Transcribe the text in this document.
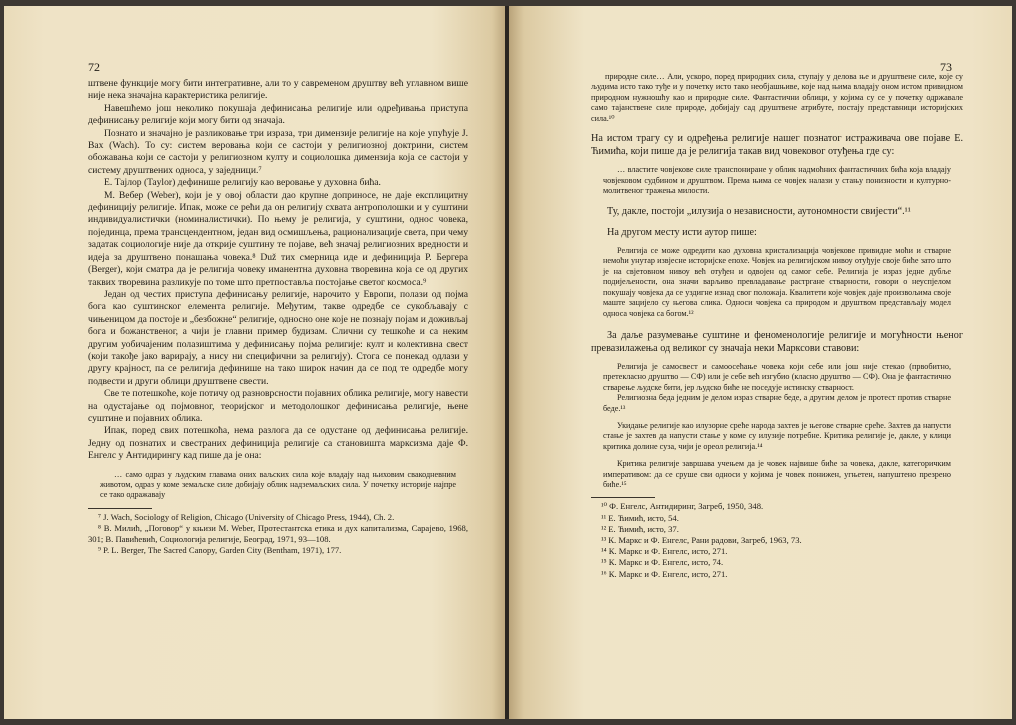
72

штвене функције могу бити интегративне, али то у савременом друштву већ углавном више није нека значајна карактеристика религије.

Навешћемо још неколико покушаја дефинисања религије или одређивања приступа дефинисању религије који могу бити од значаја.

Познато и значајно је разликовање три израза, три димензије религије на које упућује Ј. Вах (Wach). То су: систем веровања који се састоји у религиозној доктрини, систем обожавања који се састоји у религиозном култу и социолошка димензија која се састоји у систему друштвених односа, у заједници.⁷

Е. Тајлор (Taylor) дефинише религију као веровање у духовна бића.

М. Вебер (Weber), који је у овој области дао крупне доприносе, не даје експлицитну дефиницију религије. Ипак, може се рећи да он религију схвата антрополошки и у суштини индивидуалистички (номиналистички). По њему је религија, у суштини, однос човека, појединца, према трансцендентном, један вид осмишљења, рационализације света, при чему задатак социологије није да открије суштину те појаве, већ значај религиозних вредности и идеја за друштвено понашања човека.⁸ Duž тих смерница иде и дефиниција Р. Бергера (Berger), који сматра да је религија човеку иманентна духовна творевина која се од других таквих творевина разликује по томе што претпоставља постојање светог космоса.⁹

Један од честих приступа дефинисању религије, нарочито у Европи, полази од појма бога као суштинског елемента религије. Међутим, такве одредбе се сукобљавају с чињеницом да постоје и „безбожне“ религије, односно оне које не познају појам и доживљај бога и божанственог, а чији је главни пример будизам. Слични су тешкоће и са неким другим уобичајеним полазиштима у дефинисању појма религије: култ и колективна свест (који такође јако варирају, а нису ни специфични за религију). Стога се понекад одлази у другу крајност, па се религија дефинише на тако широк начин да се под те одредбе могу подвести и други облици друштвене свести.

Све те потешкоће, које потичу од разноврсности појавних облика религије, могу навести на одустајање од појмовног, теоријског и методолошког дефинисања религије, њене суштине и појавних облика.

Ипак, поред свих потешкоћа, нема разлога да се одустане од дефинисања религије. Једну од познатих и свестраних дефиниција религије са становишта марксизма даје Ф. Енгелс у Антидирингу кад пише да је она:

… само одраз у људским главама оних ваљских сила које владају над њиховим свакодневним животом, одраз у коме земаљске силе добијају облик надземаљских сила. У почетку историје најпре се тако одражавају

⁷ J. Wach, Sociology of Religion, Chicago (University of Chicago Press, 1944), Ch. 2.

⁸ В. Милић, „Поговор“ у књизи M. Weber, Протестантска етика и дух капитализма, Сарајево, 1968, 301; В. Павићевић, Социологија религије, Београд, 1971, 93—108.

⁹ P. L. Berger, The Sacred Canopy, Garden City (Bentham, 1971), 177.

73

природне силе… Али, ускоро, поред природних сила, ступају у делова ње и друштвене силе, које су људима исто тако туђе и у почетку исто тако необјашњиве, које над њима владају оном истом привидном природном нужношћу као и природне силе. Фантастични облици, у којима су се у почетку одржавале само тајанствене силе природе, добијају сад друштвене атрибуте, постају представници историјских сила.¹⁰

На истом трагу су и одређења религије нашег познатог истраживача ове појаве Е. Ћимића, који пише да је религија такав вид човековог отуђења где су:

… властите човјекове силе транспониране у облик надмоћних фантастичних бића која владају човјековом судбином и друштвом. Према њима се човјек налази у стању понизности и културно-молитвеног тражења милости.

Ту, дакле, постоји „илузија о независности, аутономности свијести“.¹¹

На другом месту исти аутор пише:

Религија се може одредити као духовна кристализација човјекове привидне моћи и стварне немоћи унутар извјесне историјске епохе. Човјек на религијском нивоу отуђује своје биће зато што је на свјетовном нивоу већ отуђен и одвојен од самог себе. Религија је израз једне дубље подијељености, она значи варљиво превладавање растргане стварности, говори о неуспјелом покушају човјека да се уздигне изнад свог положаја. Квалитети које човјек даје произвољима своје маште зацијело су његова слика. Односи човјека са природом и друштвом представљају модел односа човјека са богом.¹²

За даље разумевање суштине и феноменологије религије и могућности њеног превазилажења од великог су значаја неки Марксови ставови:

Религија је самосвест и самоосећање човека који себе или још није стекао (првобитно, претекласно друштво — СФ) или је себе већ изгубио (класно друштво — СФ). Она је фантастично стварење људске бити, јер људско биће не поседује истинску стварност.

Религиозна беда једним је делом израз стварне беде, а другим делом је протест против стварне беде.¹³

Укидање религије као илузорне среће народа захтев је његове стварне среће. Захтев да напусти стање је захтев да напусти стање у коме су илузије потребне. Критика религије је, дакле, у клици критика долине суза, чији је ореол религија.¹⁴

Критика религије завршава учењем да је човек највише биће за човека, дакле, категоричким императивом: да се сруше сви односи у којима је човек понижен, угњетен, напуштено презрено биће.¹⁵

¹⁰ Ф. Енгелс, Антидиринг, Загреб, 1950, 348.

¹¹ Е. Ћимић, исто, 54.

¹² Е. Ћимић, исто, 37.

¹³ К. Маркс и Ф. Енгелс, Рани радови, Загреб, 1963, 73.

¹⁴ К. Маркс и Ф. Енгелс, исто, 271.

¹⁵ К. Маркс и Ф. Енгелс, исто, 74.

¹⁶ К. Маркс и Ф. Енгелс, исто, 271.
